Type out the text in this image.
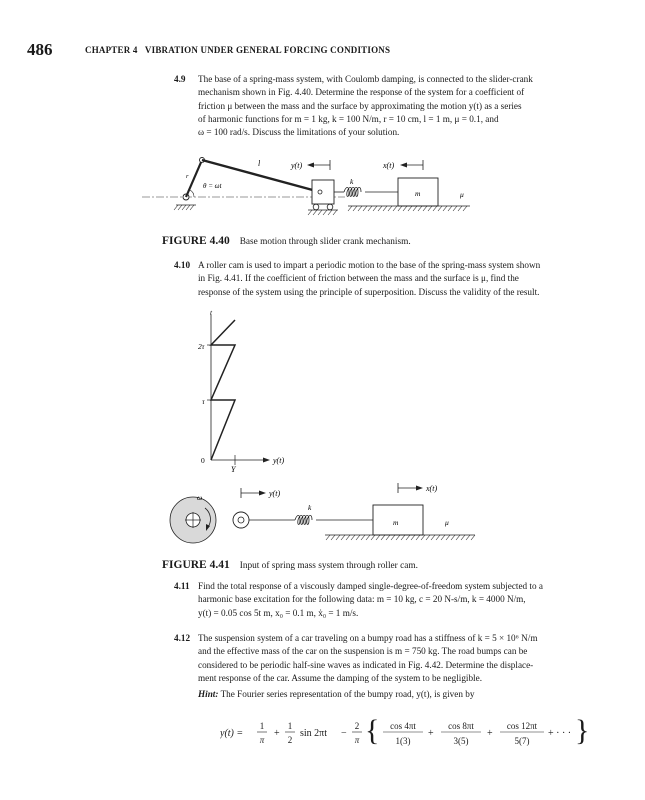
486	CHAPTER 4 VIBRATION UNDER GENERAL FORCING CONDITIONS
4.9 The base of a spring-mass system, with Coulomb damping, is connected to the slider-crank
mechanism shown in Fig. 4.40. Determine the response of the system for a coefficient of
friction μ between the mass and the surface by approximating the motion y(t) as a series
of harmonic functions for m = 1 kg, k = 100 N/m, r = 10 cm, l = 1 m, μ = 0.1, and
ω = 100 rad/s. Discuss the limitations of your solution.
r
l
θ = ωt
y(t)	x(t)
k
m	μ
FIGURE 4.40 Base motion through slider crank mechanism.
4.10 A roller cam is used to impart a periodic motion to the base of the spring-mass system shown
in Fig. 4.41. If the coefficient of friction between the mass and the surface is μ, find the
response of the system using the principle of superposition. Discuss the validity of the result.
t
2τ
τ
0
Y
y(t)
ω
k
m	μ
y(t)
x(t)
FIGURE 4.41 Input of spring mass system through roller cam.
4.11 Find the total response of a viscously damped single-degree-of-freedom system subjected to a
harmonic base excitation for the following data: m = 10 kg, c = 20 N-s/m, k = 4000 N/m,
y(t) = 0.05 cos 5t m, x₀ = 0.1 m, ẋ₀ = 1 m/s.
4.12 The suspension system of a car traveling on a bumpy road has a stiffness of k = 5 × 10⁶ N/m
and the effective mass of the car on the suspension is m = 750 kg. The road bumps can be
considered to be periodic half-sine waves as indicated in Fig. 4.42. Determine the displace-
ment response of the car. Assume the damping of the system to be negligible.
Hint: The Fourier series representation of the bumpy road, y(t), is given by
y(t) =
1
π
+
1
2
sin 2πt −
2
π { cos 4πt
1(3)
+
cos 8πt
3(5)
+
cos 12πt
5(7)
+ · · · }
